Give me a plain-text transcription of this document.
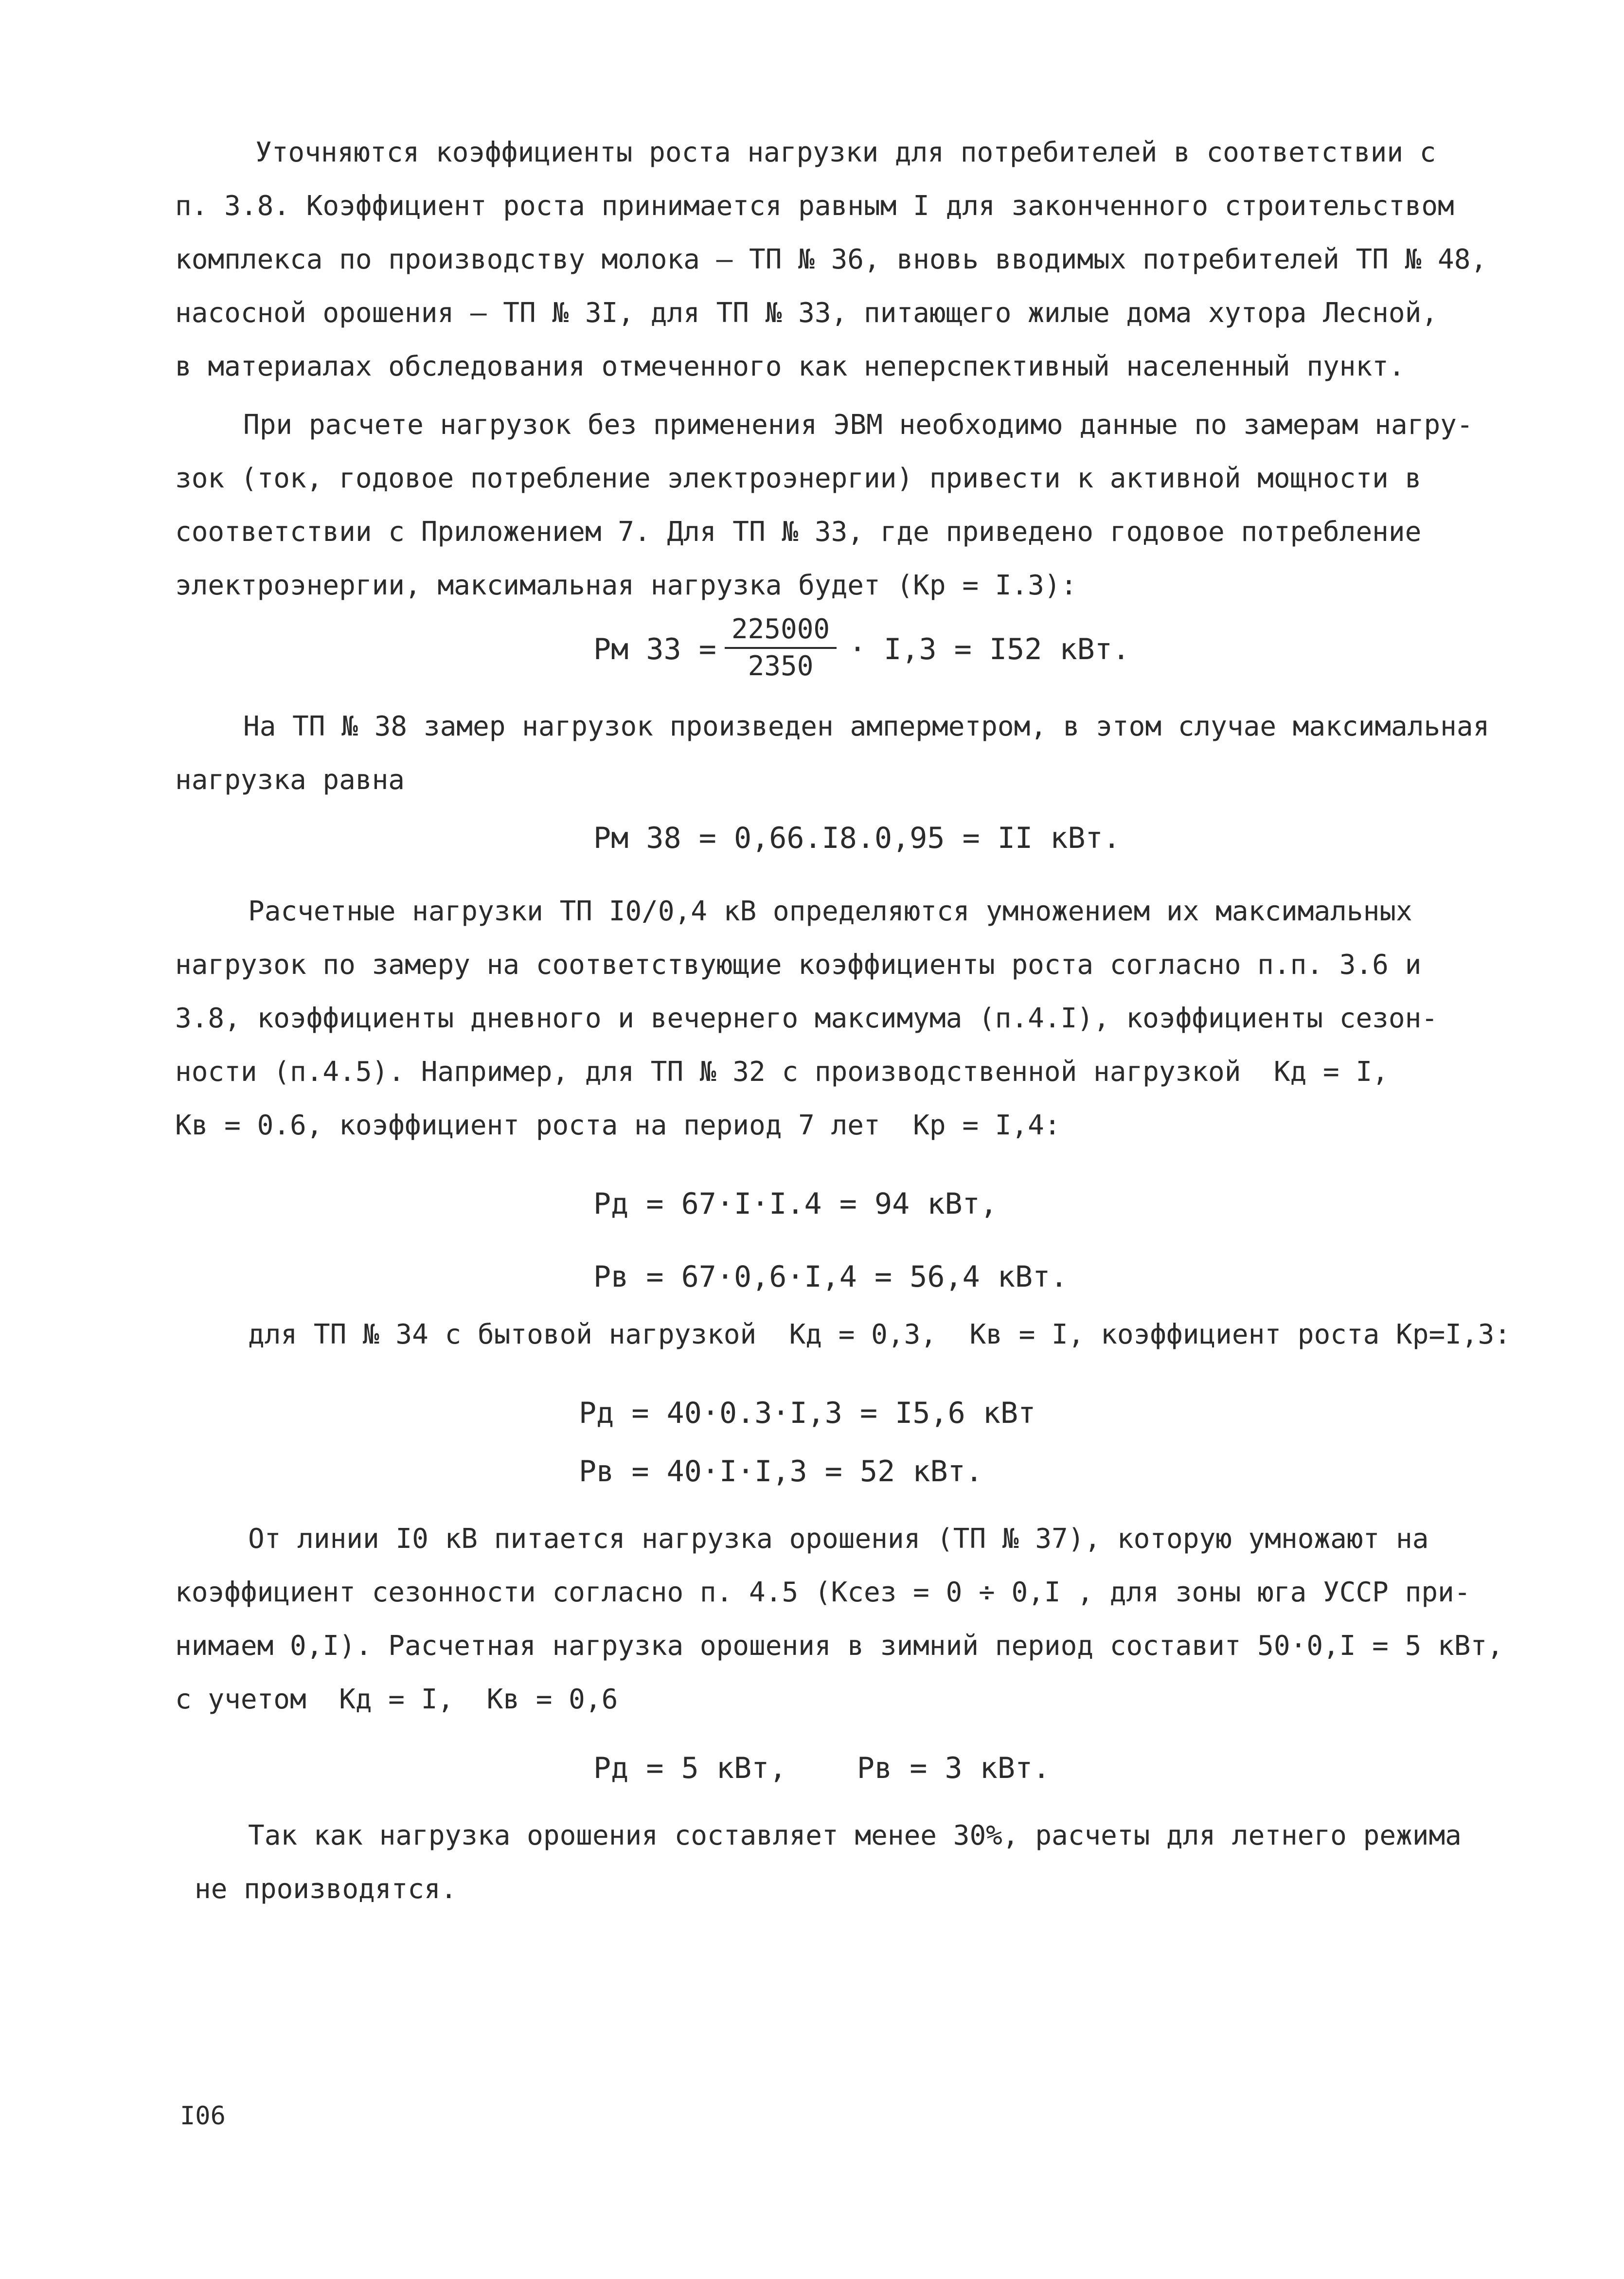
Уточняются коэффициенты роста нагрузки для потребителей в соответствии с
п. 3.8. Коэффициент роста принимается равным I для законченного строительством
комплекса по производству молока – ТП № 36, вновь вводимых потребителей ТП № 48,
насосной орошения – ТП № 3I, для ТП № 33, питающего жилые дома хутора Лесной,
в материалах обследования отмеченного как неперспективный населенный пункт.
При расчете нагрузок без применения ЭВМ необходимо данные по замерам нагру-
зок (ток, годовое потребление электроэнергии) привести к активной мощности в
соответствии с Приложением 7. Для ТП № 33, где приведено годовое потребление
электроэнергии, максимальная нагрузка будет (Kр = I.3):
Pм 33 =
225000
2350	· I,3 = I52 кВт.
На ТП № 38 замер нагрузок произведен амперметром, в этом случае максимальная
нагрузка равна
Pм 38 = 0,66.I8.0,95 = II кВт.
Расчетные нагрузки ТП I0/0,4 кВ определяются умножением их максимальных
нагрузок по замеру на соответствующие коэффициенты роста согласно п.п. 3.6 и
3.8, коэффициенты дневного и вечернего максимума (п.4.I), коэффициенты сезон-
ности (п.4.5). Например, для ТП № 32 с производственной нагрузкой  Kд = I,
Kв = 0.6, коэффициент роста на период 7 лет  Kр = I,4:
Pд = 67·I·I.4 = 94 кВт,
Pв = 67·0,6·I,4 = 56,4 кВт.
для ТП № 34 с бытовой нагрузкой  Kд = 0,3,  Kв = I, коэффициент роста Kр=I,3:
Pд = 40·0.3·I,3 = I5,6 кВт
Pв = 40·I·I,3 = 52 кВт.
От линии I0 кВ питается нагрузка орошения (ТП № 37), которую умножают на
коэффициент сезонности согласно п. 4.5 (Kсез = 0 ÷ 0,I , для зоны юга УССР при-
нимаем 0,I). Расчетная нагрузка орошения в зимний период составит 50·0,I = 5 кВт,
с учетом  Kд = I,  Kв = 0,6
Pд = 5 кВт,    Pв = 3 кВт.
Так как нагрузка орошения составляет менее 30%, расчеты для летнего режима
не производятся.
I06
